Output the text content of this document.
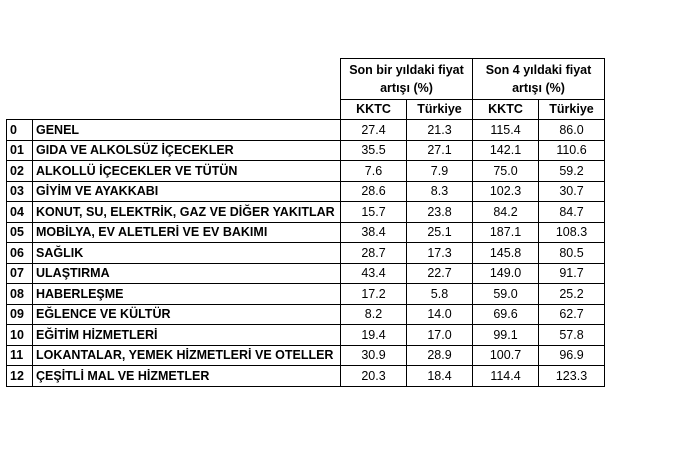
		Son bir yıldaki fiyat artışı (%)		Son 4 yıldaki fiyat artışı (%)	
		KKTC	Türkiye	KKTC	Türkiye
0	GENEL	27.4	21.3	115.4	86.0
01	GIDA VE ALKOLSÜZ İÇECEKLER	35.5	27.1	142.1	110.6
02	ALKOLLÜ İÇECEKLER VE TÜTÜN	7.6	7.9	75.0	59.2
03	GİYİM VE AYAKKABI	28.6	8.3	102.3	30.7
04	KONUT, SU, ELEKTRİK, GAZ VE DİĞER YAKITLAR	15.7	23.8	84.2	84.7
05	MOBİLYA, EV ALETLERİ VE EV BAKIMI	38.4	25.1	187.1	108.3
06	SAĞLIK	28.7	17.3	145.8	80.5
07	ULAŞTIRMA	43.4	22.7	149.0	91.7
08	HABERLEŞME	17.2	5.8	59.0	25.2
09	EĞLENCE VE KÜLTÜR	8.2	14.0	69.6	62.7
10	EĞİTİM HİZMETLERİ	19.4	17.0	99.1	57.8
11	LOKANTALAR, YEMEK HİZMETLERİ VE OTELLER	30.9	28.9	100.7	96.9
12	ÇEŞİTLİ MAL VE HİZMETLER	20.3	18.4	114.4	123.3
